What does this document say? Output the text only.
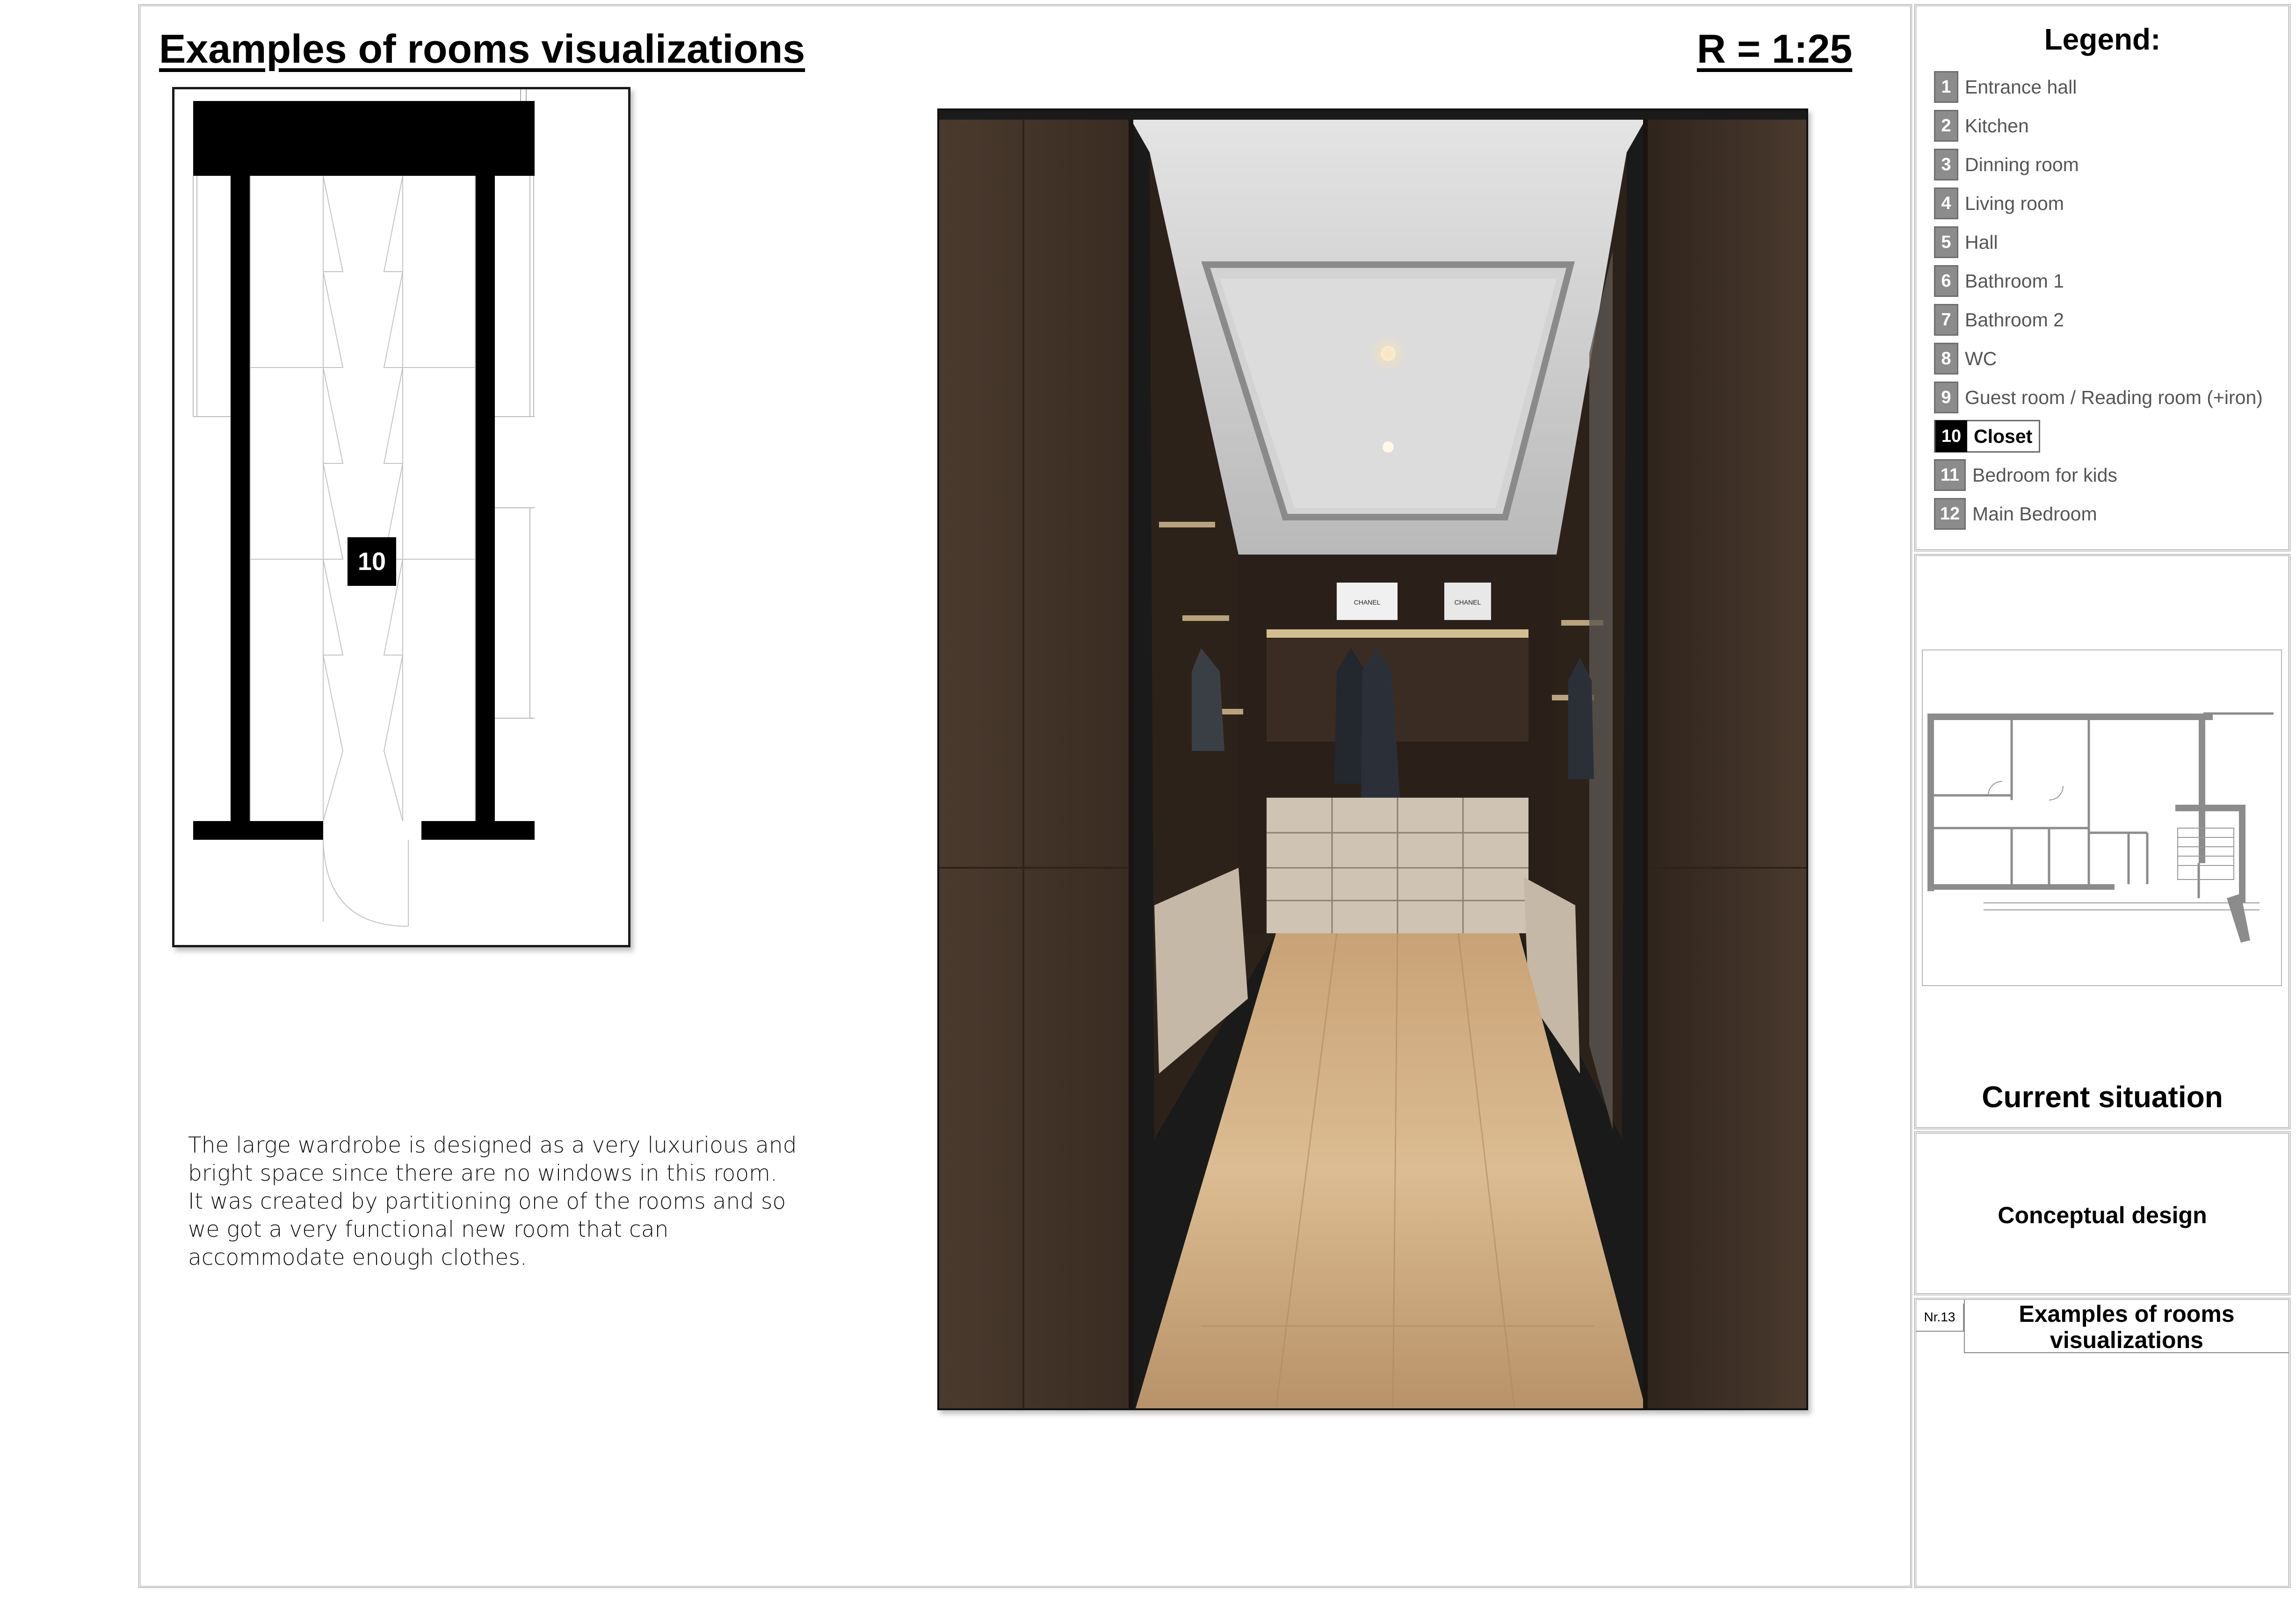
Examples of rooms visualizations	R = 1:25
10

The large wardrobe is designed as a very luxurious and

bright space since there are no windows in this room.

It was created by partitioning one of the rooms and so

we got a very functional new room that can

accommodate enough clothes.

CHANEL	CHANEL
Legend:
1 Entrance hall
2 Kitchen
3 Dinning room
4 Living room
5 Hall
6 Bathroom 1
7 Bathroom 2
8 WC
9 Guest room / Reading room (+iron)
10 Closet
11 Bedroom for kids
12 Main Bedroom
Current situation
Conceptual design
Nr.13	Examples of rooms
visualizations
